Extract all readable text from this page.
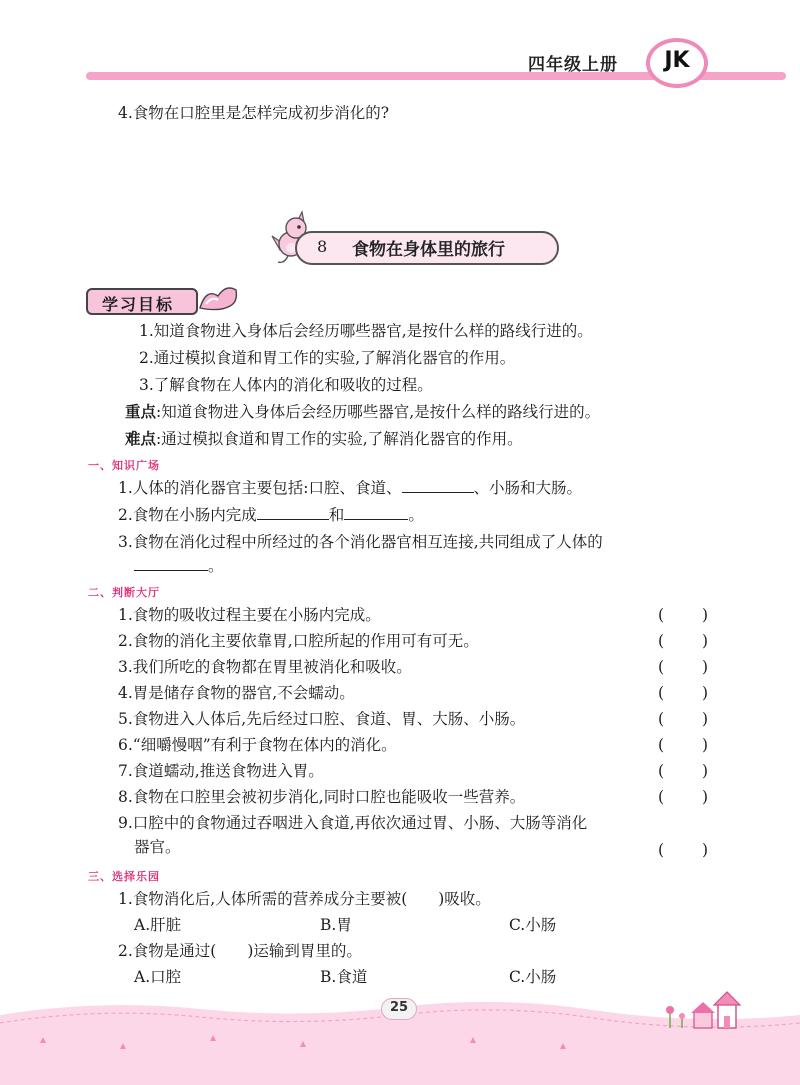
四年级上册	JK
4.食物在口腔里是怎样完成初步消化的?
8 食物在身体里的旅行
学习目标
1.知道食物进入身体后会经历哪些器官,是按什么样的路线行进的。
2.通过模拟食道和胃工作的实验,了解消化器官的作用。
3.了解食物在人体内的消化和吸收的过程。
重点:知道食物进入身体后会经历哪些器官,是按什么样的路线行进的。
难点:通过模拟食道和胃工作的实验,了解消化器官的作用。
一、知识广场
1.人体的消化器官主要包括:口腔、食道、	、小肠和大肠。
2.食物在小肠内完成	和	。
3.食物在消化过程中所经过的各个消化器官相互连接,共同组成了人体的
。
二、判断大厅
1.食物的吸收过程主要在小肠内完成。	()
2.食物的消化主要依靠胃,口腔所起的作用可有可无。	()
3.我们所吃的食物都在胃里被消化和吸收。	()
4.胃是储存食物的器官,不会蠕动。	()
5.食物进入人体后,先后经过口腔、食道、胃、大肠、小肠。	()
6.“细嚼慢咽”有利于食物在体内的消化。	()
7.食道蠕动,推送食物进入胃。	()
8.食物在口腔里会被初步消化,同时口腔也能吸收一些营养。	()
9.口腔中的食物通过吞咽进入食道,再依次通过胃、小肠、大肠等消化
器官。	()
三、选择乐园
1.食物消化后,人体所需的营养成分主要被(　　)吸收。
A.肝脏	B.胃	C.小肠
2.食物是通过(　　)运输到胃里的。
A.口腔	B.食道	C.小肠
25
